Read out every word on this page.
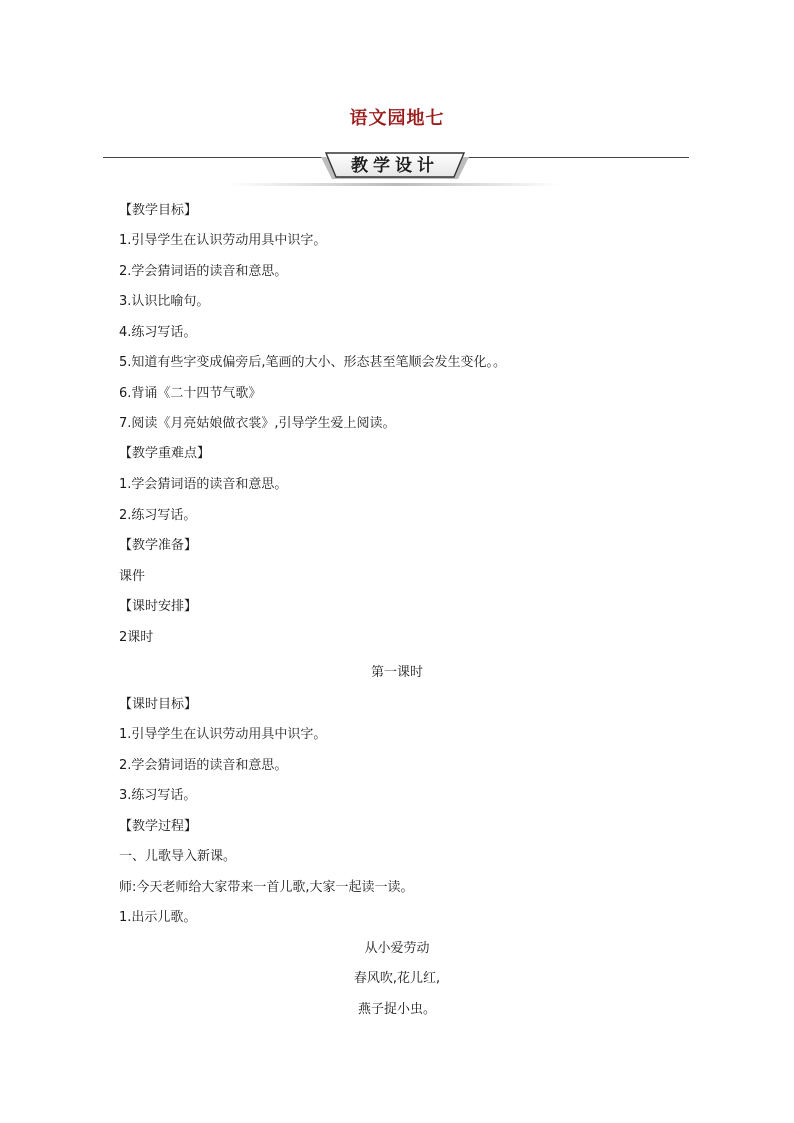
语文园地七
教学设计
【教学目标】
1.引导学生在认识劳动用具中识字。
2.学会猜词语的读音和意思。
3.认识比喻句。
4.练习写话。
5.知道有些字变成偏旁后,笔画的大小、形态甚至笔顺会发生变化。。
6.背诵《二十四节气歌》
7.阅读《月亮姑娘做衣裳》,引导学生爱上阅读。
【教学重难点】
1.学会猜词语的读音和意思。
2.练习写话。
【教学准备】
课件
【课时安排】
2课时
第一课时
【课时目标】
1.引导学生在认识劳动用具中识字。
2.学会猜词语的读音和意思。
3.练习写话。
【教学过程】
一、儿歌导入新课。
师:今天老师给大家带来一首儿歌,大家一起读一读。
1.出示儿歌。
从小爱劳动
春风吹,花儿红,
燕子捉小虫。
